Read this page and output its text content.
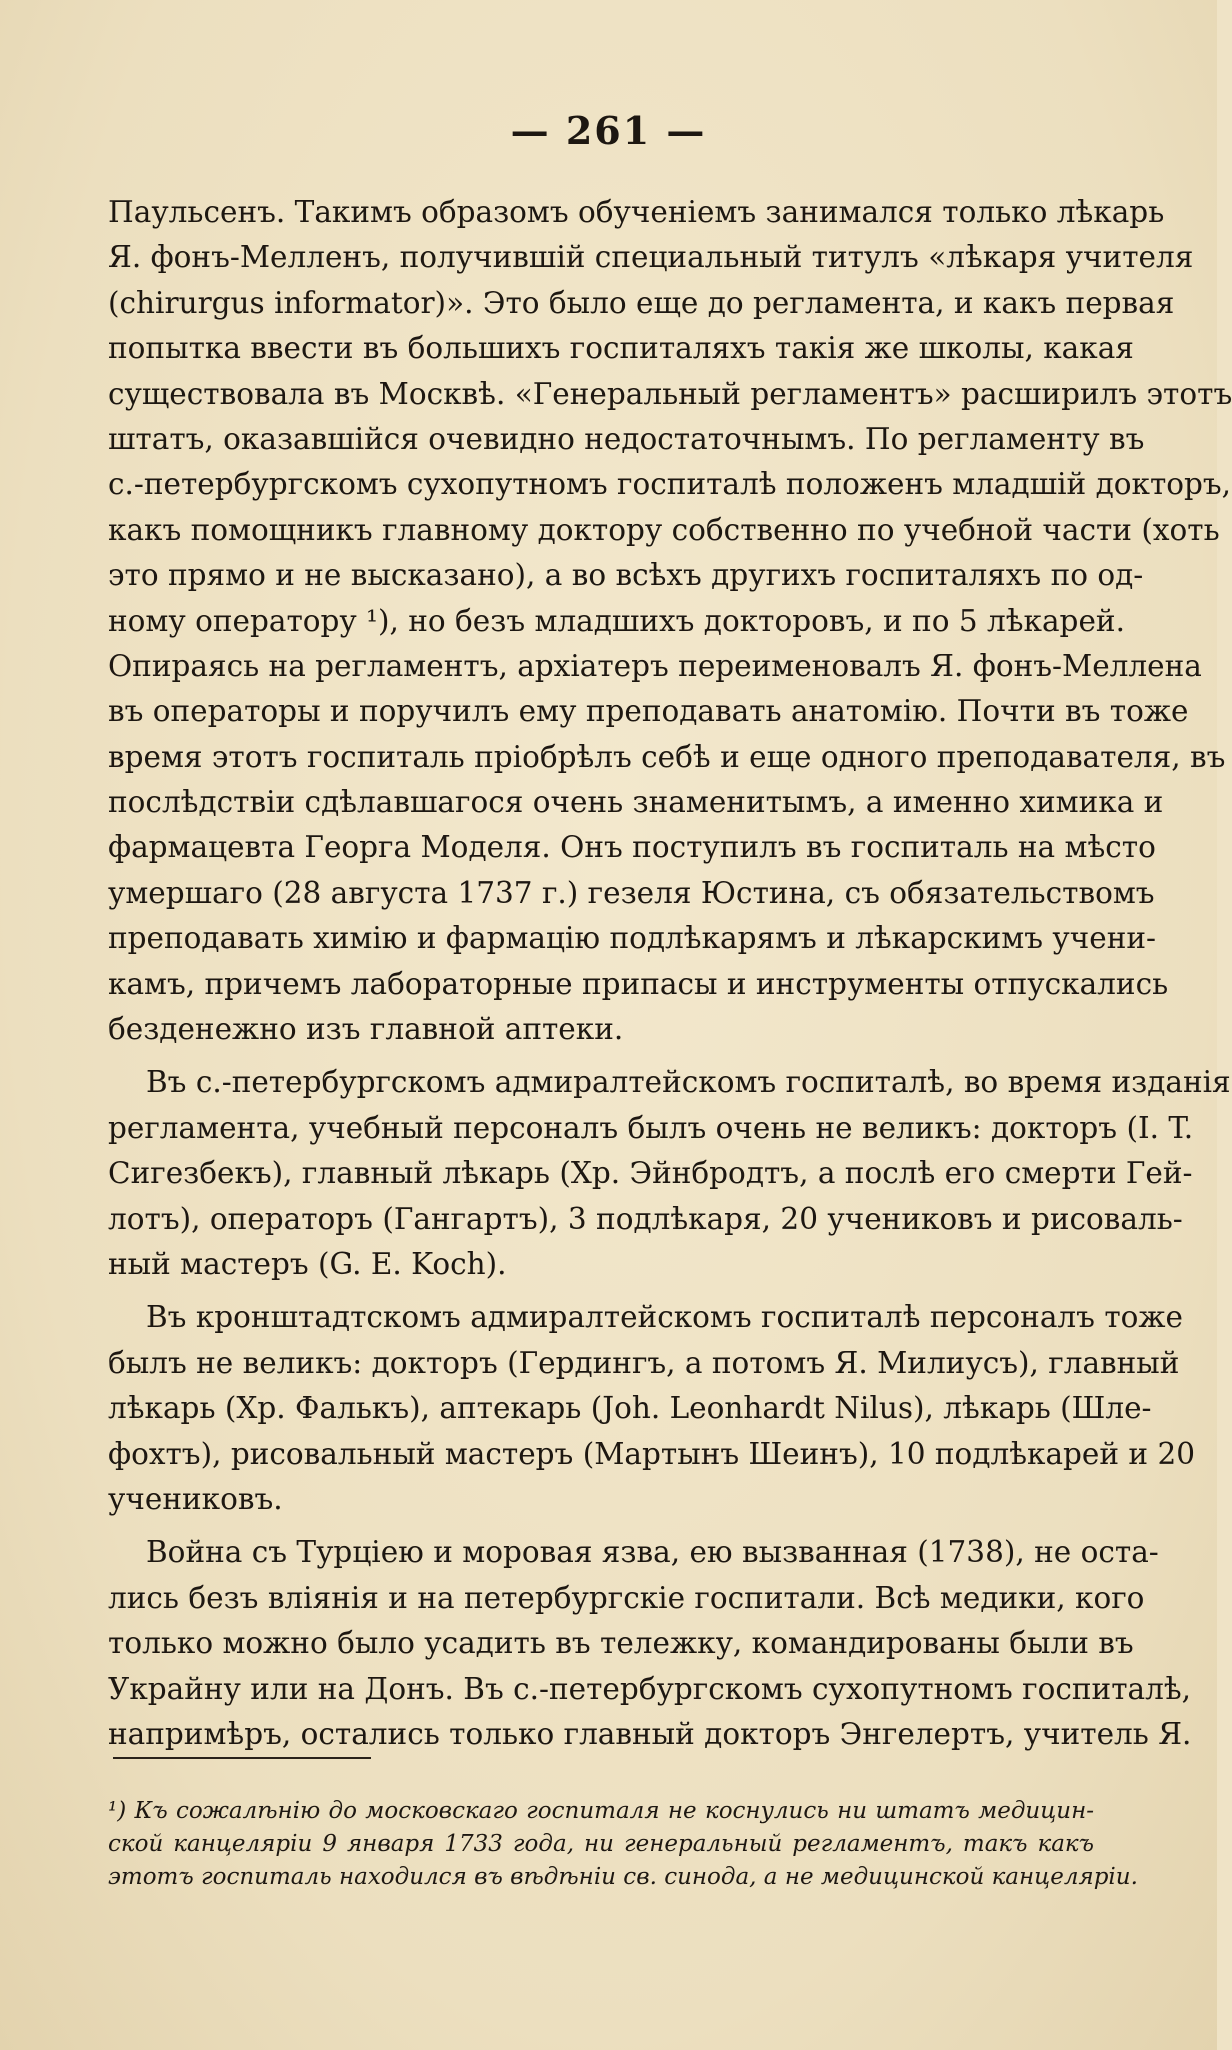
— 261 —
Паульсенъ. Такимъ образомъ обученіемъ занимался только лѣкарь
Я. фонъ-Мелленъ, получившій специальный титулъ «лѣкаря учителя
(chirurgus informator)». Это было еще до регламента, и какъ первая
попытка ввести въ большихъ госпиталяхъ такія же школы, какая
существовала въ Москвѣ. «Генеральный регламентъ» расширилъ этотъ
штатъ, оказавшійся очевидно недостаточнымъ. По регламенту въ
с.-петербургскомъ сухопутномъ госпиталѣ положенъ младшій докторъ,
какъ помощникъ главному доктору собственно по учебной части (хоть
это прямо и не высказано), а во всѣхъ другихъ госпиталяхъ по од-
ному оператору ¹), но безъ младшихъ докторовъ, и по 5 лѣкарей.
Опираясь на регламентъ, архіатеръ переименовалъ Я. фонъ-Меллена
въ операторы и поручилъ ему преподавать анатомію. Почти въ тоже
время этотъ госпиталь пріобрѣлъ себѣ и еще одного преподавателя, въ
послѣдствіи сдѣлавшагося очень знаменитымъ, а именно химика и
фармацевта Георга Моделя. Онъ поступилъ въ госпиталь на мѣсто
умершаго (28 августа 1737 г.) гезеля Юстина, съ обязательствомъ
преподавать химію и фармацію подлѣкарямъ и лѣкарскимъ учени-
камъ, причемъ лабораторные припасы и инструменты отпускались
безденежно изъ главной аптеки.
Въ с.-петербургскомъ адмиралтейскомъ госпиталѣ, во время изданія
регламента, учебный персоналъ былъ очень не великъ: докторъ (I. T.
Сигезбекъ), главный лѣкарь (Хр. Эйнбродтъ, а послѣ его смерти Гей-
лотъ), операторъ (Гангартъ), 3 подлѣкаря, 20 учениковъ и рисоваль-
ный мастеръ (G. E. Koch).
Въ кронштадтскомъ адмиралтейскомъ госпиталѣ персоналъ тоже
былъ не великъ: докторъ (Гердингъ, а потомъ Я. Милиусъ), главный
лѣкарь (Хр. Фалькъ), аптекарь (Joh. Leonhardt Nilus), лѣкарь (Шле-
фохтъ), рисовальный мастеръ (Мартынъ Шеинъ), 10 подлѣкарей и 20
учениковъ.
Война съ Турціею и моровая язва, ею вызванная (1738), не оста-
лись безъ вліянія и на петербургскіе госпитали. Всѣ медики, кого
только можно было усадить въ тележку, командированы были въ
Украйну или на Донъ. Въ с.-петербургскомъ сухопутномъ госпиталѣ,
напримѣръ, остались только главный докторъ Энгелертъ, учитель Я.
¹) Къ сожалѣнію до московскаго госпиталя не коснулись ни штатъ медицин-
ской канцеляріи 9 января 1733 года, ни генеральный регламентъ, такъ какъ
этотъ госпиталь находился въ вѣдѣніи св. синода, а не медицинской канцеляріи.
